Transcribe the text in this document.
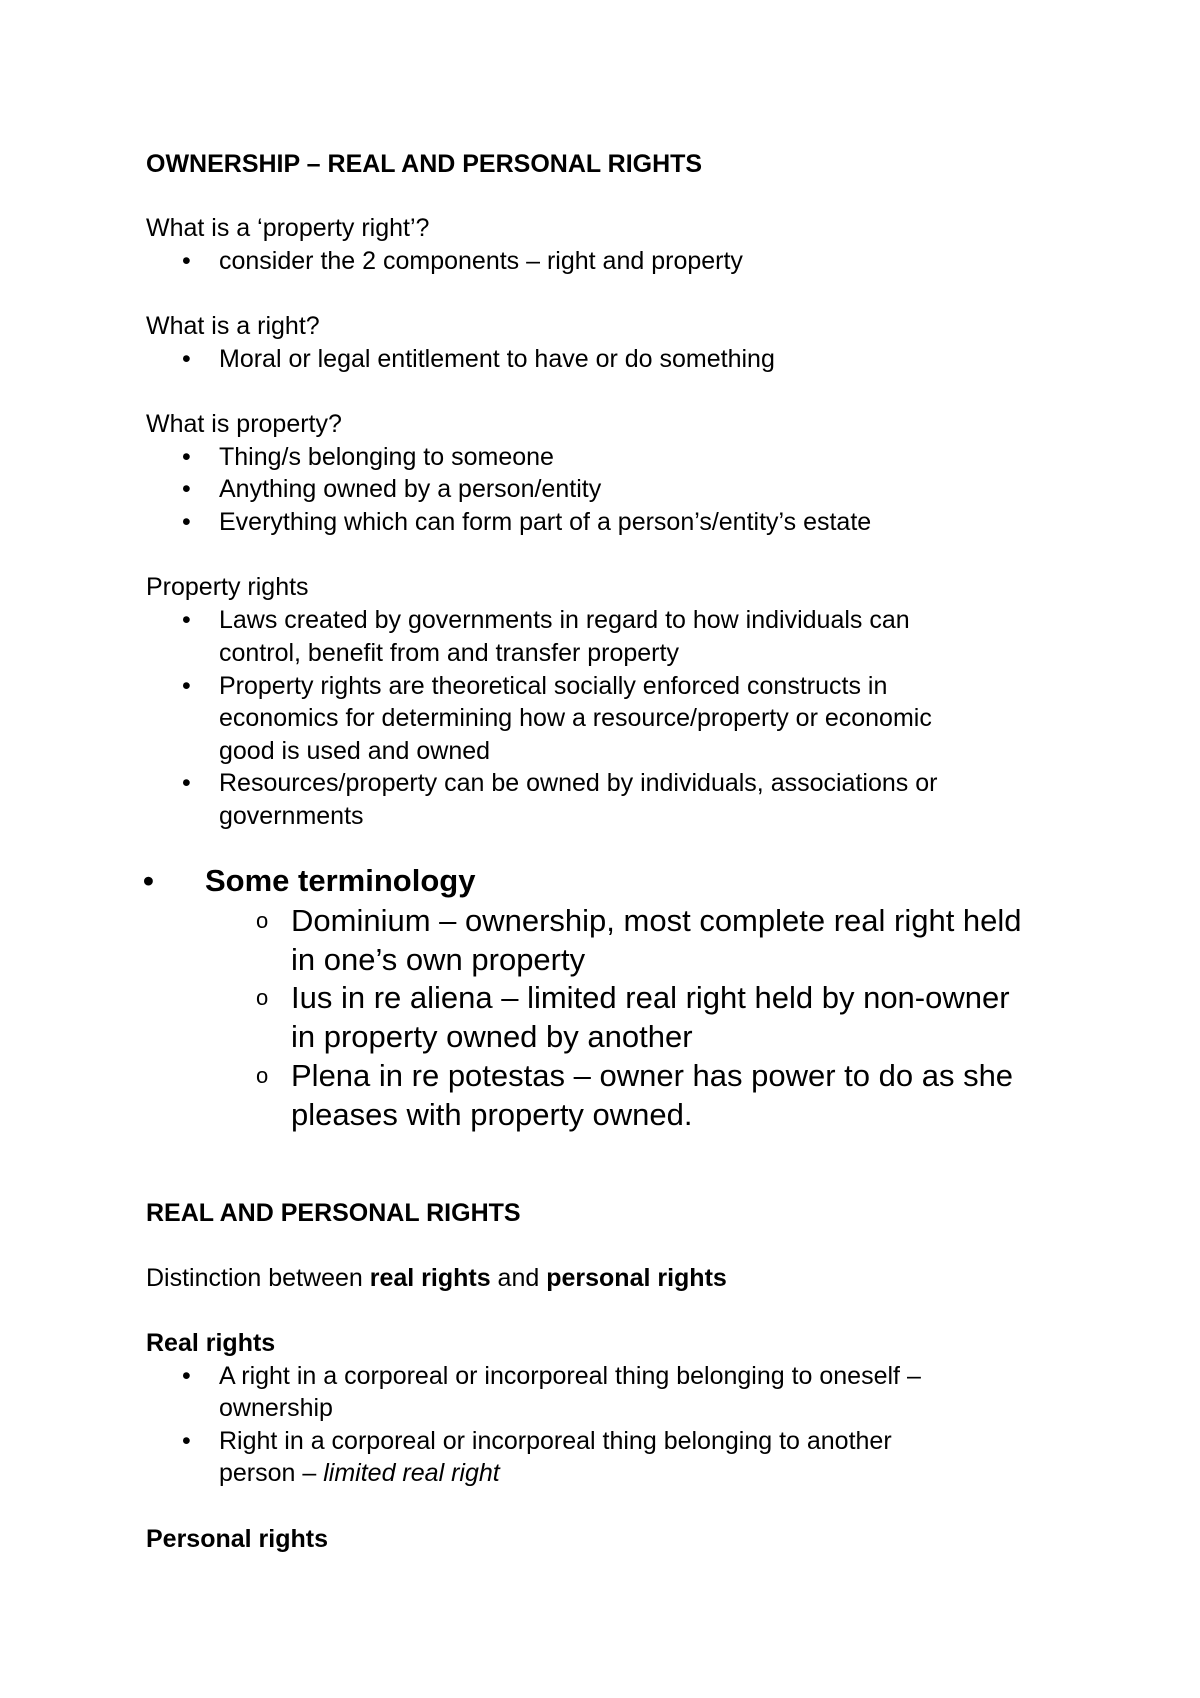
OWNERSHIP – REAL AND PERSONAL RIGHTS
What is a ‘property right’?
• consider the 2 components – right and property
What is a right?
• Moral or legal entitlement to have or do something
What is property?
• Thing/s belonging to someone
• Anything owned by a person/entity
• Everything which can form part of a person’s/entity’s estate
Property rights
• Laws created by governments in regard to how individuals can
control, benefit from and transfer property
• Property rights are theoretical socially enforced constructs in
economics for determining how a resource/property or economic
good is used and owned
• Resources/property can be owned by individuals, associations or
governments
• Some terminology
o Dominium – ownership, most complete real right held
in one’s own property
o Ius in re aliena – limited real right held by non-owner
in property owned by another
o Plena in re potestas – owner has power to do as she
pleases with property owned.
REAL AND PERSONAL RIGHTS
Distinction between real rights and personal rights
Real rights
• A right in a corporeal or incorporeal thing belonging to oneself –
ownership
• Right in a corporeal or incorporeal thing belonging to another
person – limited real right
Personal rights
